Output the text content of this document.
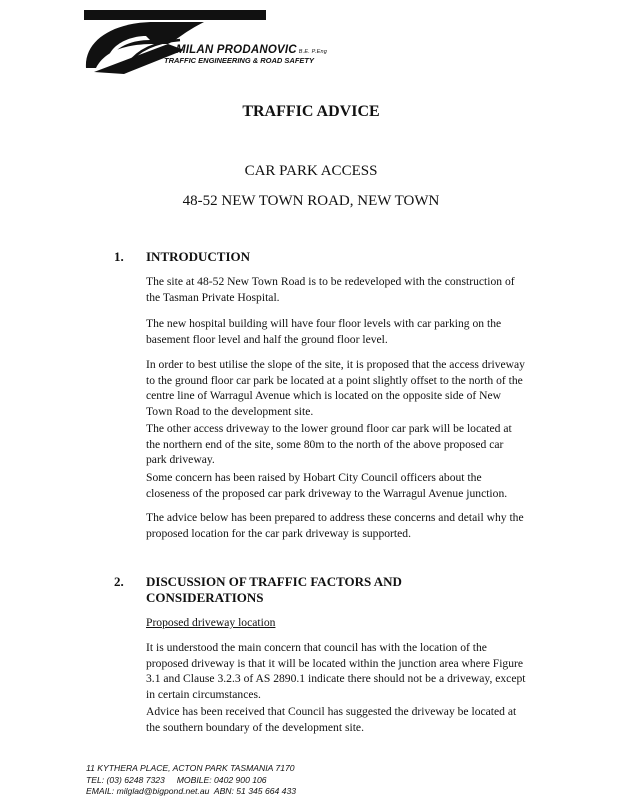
MILAN PRODANOVIC B.E. P.Eng
TRAFFIC ENGINEERING & ROAD SAFETY
TRAFFIC ADVICE
CAR PARK ACCESS
48-52 NEW TOWN ROAD, NEW TOWN
1. INTRODUCTION
The site at 48-52 New Town Road is to be redeveloped with the construction of the Tasman Private Hospital.
The new hospital building will have four floor levels with car parking on the basement floor level and half the ground floor level.
In order to best utilise the slope of the site, it is proposed that the access driveway to the ground floor car park be located at a point slightly offset to the north of the centre line of Warragul Avenue which is located on the opposite side of New Town Road to the development site.
The other access driveway to the lower ground floor car park will be located at the northern end of the site, some 80m to the north of the above proposed car park driveway.
Some concern has been raised by Hobart City Council officers about the closeness of the proposed car park driveway to the Warragul Avenue junction.
The advice below has been prepared to address these concerns and detail why the proposed location for the car park driveway is supported.
2. DISCUSSION OF TRAFFIC FACTORS AND CONSIDERATIONS
Proposed driveway location
It is understood the main concern that council has with the location of the proposed driveway is that it will be located within the junction area where Figure 3.1 and Clause 3.2.3 of AS 2890.1 indicate there should not be a driveway, except in certain circumstances.
Advice has been received that Council has suggested the driveway be located at the southern boundary of the development site.
11 KYTHERA PLACE, ACTON PARK TASMANIA 7170
TEL: (03) 6248 7323     MOBILE: 0402 900 106
EMAIL: milglad@bigpond.net.au  ABN: 51 345 664 433
